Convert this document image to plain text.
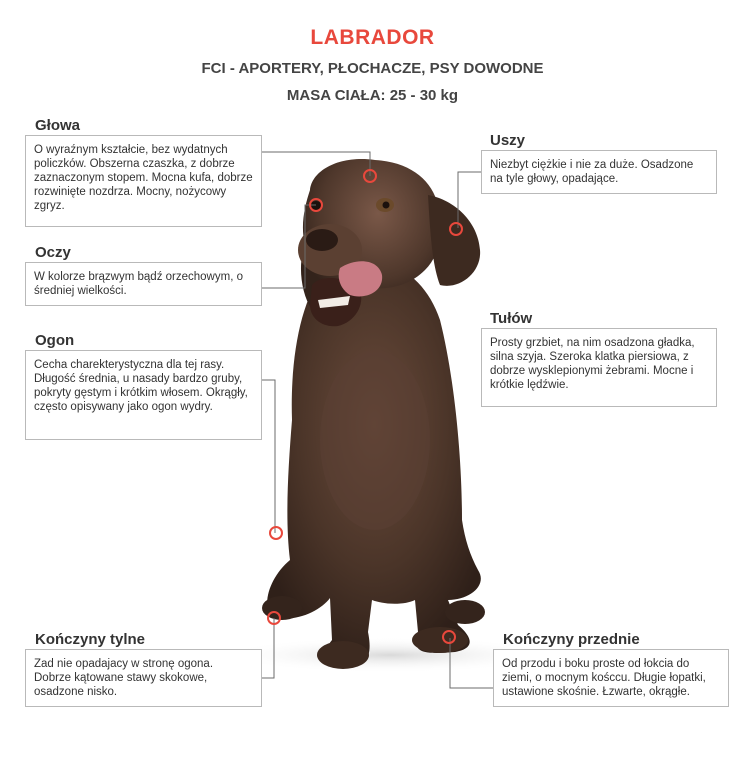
LABRADOR
FCI - APORTERY, PŁOCHACZE, PSY DOWODNE
MASA CIAŁA: 25 - 30 kg
Głowa
O wyraźnym kształcie, bez wydatnych policzków. Obszerna czaszka, z dobrze zaznaczonym stopem. Mocna kufa, dobrze rozwinięte nozdrza. Mocny, nożycowy zgryz.
Oczy
W kolorze brązwym bądź orzechowym, o średniej wielkości.
Ogon
Cecha charekterystyczna dla tej rasy. Długość średnia, u nasady bardzo gruby, pokryty gęstym i krótkim włosem. Okrągły, często opisywany jako ogon wydry.
Kończyny tylne
Zad nie opadajacy w stronę ogona. Dobrze kątowane stawy skokowe, osadzone nisko.
Uszy
Niezbyt ciężkie i nie za duże. Osadzone na tyle głowy, opadające.
Tułów
Prosty grzbiet, na nim osadzona gładka, silna szyja. Szeroka klatka piersiowa, z dobrze wysklepionymi żebrami. Mocne i krótkie lędźwie.
Kończyny przednie
Od przodu i boku proste od łokcia do ziemi, o mocnym kośccu. Długie łopatki, ustawione skośnie. Łzwarte, okrągłe.
